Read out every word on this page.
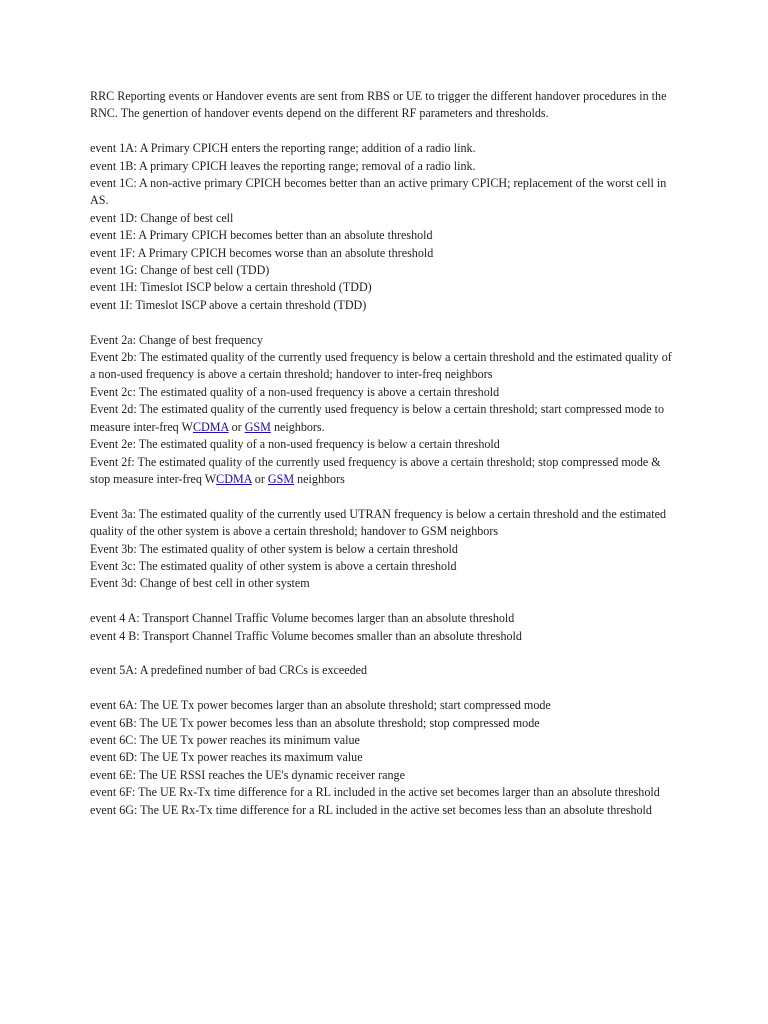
RRC Reporting events or Handover events are sent from RBS or UE to trigger the different handover procedures in the RNC. The genertion of handover events depend on the different RF parameters and thresholds.

event 1A: A Primary CPICH enters the reporting range; addition of a radio link.
event 1B: A primary CPICH leaves the reporting range; removal of a radio link.
event 1C: A non-active primary CPICH becomes better than an active primary CPICH; replacement of the worst cell in AS.
event 1D: Change of best cell
event 1E: A Primary CPICH becomes better than an absolute threshold
event 1F: A Primary CPICH becomes worse than an absolute threshold
event 1G: Change of best cell (TDD)
event 1H: Timeslot ISCP below a certain threshold (TDD)
event 1I: Timeslot ISCP above a certain threshold (TDD)
Event 2a: Change of best frequency
Event 2b: The estimated quality of the currently used frequency is below a certain threshold and the estimated quality of a non-used frequency is above a certain threshold; handover to inter-freq neighbors
Event 2c: The estimated quality of a non-used frequency is above a certain threshold
Event 2d: The estimated quality of the currently used frequency is below a certain threshold; start compressed mode to measure inter-freq WCDMA or GSM neighbors.
Event 2e: The estimated quality of a non-used frequency is below a certain threshold
Event 2f: The estimated quality of the currently used frequency is above a certain threshold; stop compressed mode & stop measure inter-freq WCDMA or GSM neighbors
Event 3a: The estimated quality of the currently used UTRAN frequency is below a certain threshold and the estimated quality of the other system is above a certain threshold; handover to GSM neighbors
Event 3b: The estimated quality of other system is below a certain threshold
Event 3c: The estimated quality of other system is above a certain threshold
Event 3d: Change of best cell in other system
event 4 A: Transport Channel Traffic Volume becomes larger than an absolute threshold
event 4 B: Transport Channel Traffic Volume becomes smaller than an absolute threshold
event 5A: A predefined number of bad CRCs is exceeded
event 6A: The UE Tx power becomes larger than an absolute threshold; start compressed mode
event 6B: The UE Tx power becomes less than an absolute threshold; stop compressed mode
event 6C: The UE Tx power reaches its minimum value
event 6D: The UE Tx power reaches its maximum value
event 6E: The UE RSSI reaches the UE's dynamic receiver range
event 6F: The UE Rx-Tx time difference for a RL included in the active set becomes larger than an absolute threshold
event 6G: The UE Rx-Tx time difference for a RL included in the active set becomes less than an absolute threshold
